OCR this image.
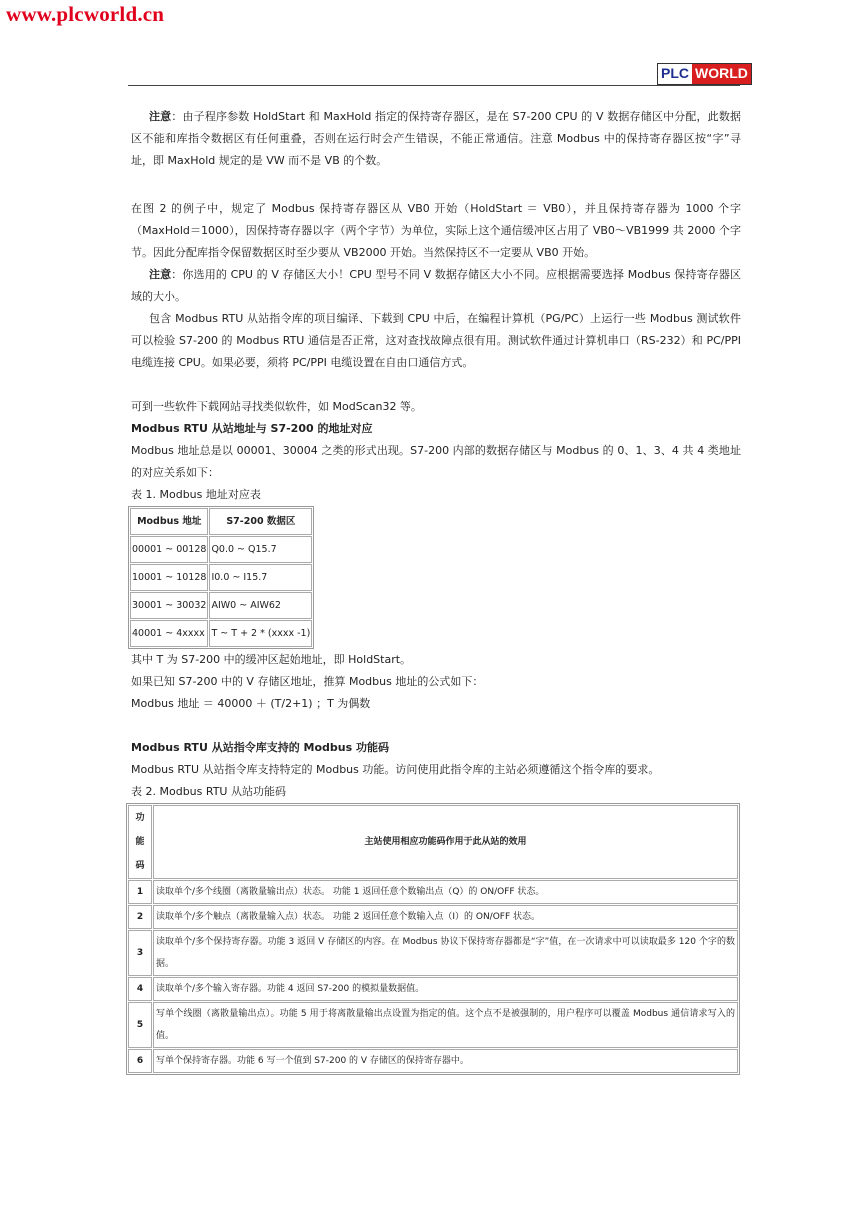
www.plcworld.cn
PLC WORLD

注意：由子程序参数 HoldStart 和 MaxHold 指定的保持寄存器区，是在 S7-200 CPU 的 V 数据存储区中分配，此数据区不能和库指令数据区有任何重叠，否则在运行时会产生错误，不能正常通信。注意 Modbus 中的保持寄存器区按“字”寻址，即 MaxHold 规定的是 VW 而不是 VB 的个数。

在图 2 的例子中，规定了 Modbus 保持寄存器区从 VB0 开始（HoldStart ＝ VB0），并且保持寄存器为 1000 个字（MaxHold＝1000），因保持寄存器以字（两个字节）为单位，实际上这个通信缓冲区占用了 VB0～VB1999 共 2000 个字节。因此分配库指令保留数据区时至少要从 VB2000 开始。当然保持区不一定要从 VB0 开始。

注意：你选用的 CPU 的 V 存储区大小！CPU 型号不同 V 数据存储区大小不同。应根据需要选择 Modbus 保持寄存器区域的大小。

包含 Modbus RTU 从站指令库的项目编译、下载到 CPU 中后，在编程计算机（PG/PC）上运行一些 Modbus 测试软件可以检验 S7-200 的 Modbus RTU 通信是否正常，这对查找故障点很有用。测试软件通过计算机串口（RS-232）和 PC/PPI 电缆连接 CPU。如果必要，须将 PC/PPI 电缆设置在自由口通信方式。

可到一些软件下载网站寻找类似软件，如 ModScan32 等。

Modbus RTU 从站地址与 S7-200 的地址对应

Modbus 地址总是以 00001、30004 之类的形式出现。S7-200 内部的数据存储区与 Modbus 的 0、1、3、4 共 4 类地址的对应关系如下：

表 1. Modbus 地址对应表

Modbus 地址	S7-200 数据区
00001 ~ 00128	Q0.0 ~ Q15.7
10001 ~ 10128	I0.0 ~ I15.7
30001 ~ 30032	AIW0 ~ AIW62
40001 ~ 4xxxx	T ~ T + 2 * (xxxx -1)

其中 T 为 S7-200 中的缓冲区起始地址，即 HoldStart。

如果已知 S7-200 中的 V 存储区地址，推算 Modbus 地址的公式如下：

Modbus 地址 ＝ 40000 ＋ (T/2+1) ；T 为偶数

Modbus RTU 从站指令库支持的 Modbus 功能码

Modbus RTU 从站指令库支持特定的 Modbus 功能。访问使用此指令库的主站必须遵循这个指令库的要求。

表 2. Modbus RTU 从站功能码

功
能
码	主站使用相应功能码作用于此从站的效用
1	读取单个/多个线圈（离散量输出点）状态。 功能 1 返回任意个数输出点（Q）的 ON/OFF 状态。
2	读取单个/多个触点（离散量输入点）状态。 功能 2 返回任意个数输入点（I）的 ON/OFF 状态。
3	读取单个/多个保持寄存器。功能 3 返回 V 存储区的内容。在 Modbus 协议下保持寄存器都是“字”值，在一次请求中可以读取最多 120 个字的数据。
4	读取单个/多个输入寄存器。功能 4 返回 S7-200 的模拟量数据值。
5	写单个线圈（离散量输出点）。功能 5 用于将离散量输出点设置为指定的值。这个点不是被强制的，用户程序可以覆盖 Modbus 通信请求写入的值。
6	写单个保持寄存器。功能 6 写一个值到 S7-200 的 V 存储区的保持寄存器中。
